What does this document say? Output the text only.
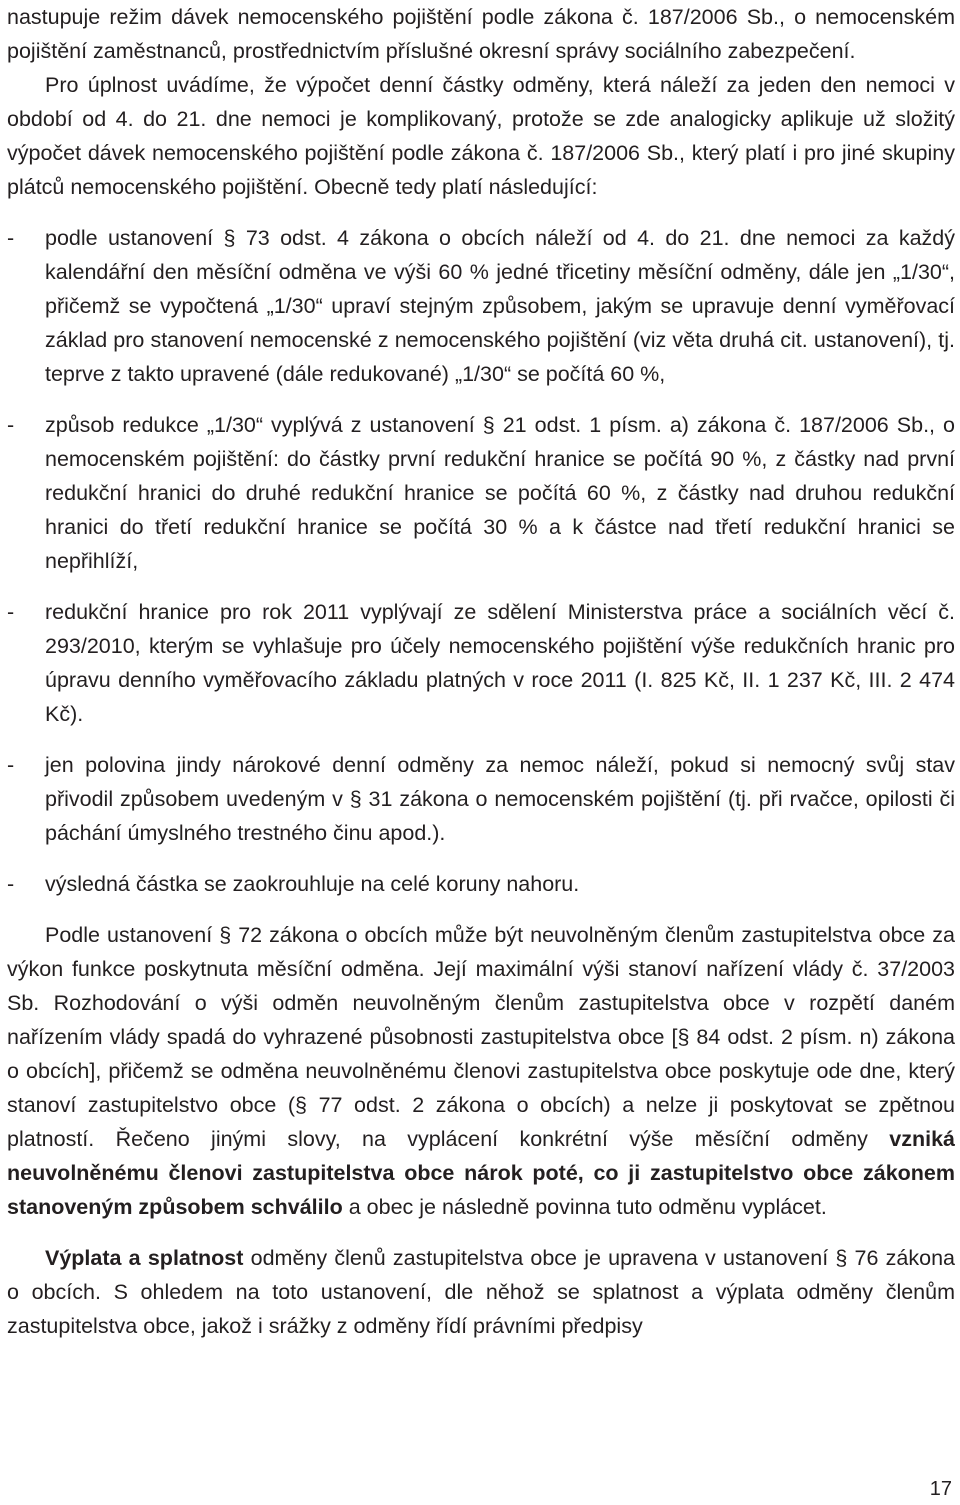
nastupuje režim dávek nemocenského pojištění podle zákona č. 187/2006 Sb., o nemocenském pojištění zaměstnanců, prostřednictvím příslušné okresní správy sociálního zabezpečení.

Pro úplnost uvádíme, že výpočet denní částky odměny, která náleží za jeden den nemoci v období od 4. do 21. dne nemoci je komplikovaný, protože se zde analogicky aplikuje už složitý výpočet dávek nemocenského pojištění podle zákona č. 187/2006 Sb., který platí i pro jiné skupiny plátců nemocenského pojištění. Obecně tedy platí následující:

-	podle ustanovení § 73 odst. 4 zákona o obcích náleží od 4. do 21. dne nemoci za každý kalendářní den měsíční odměna ve výši 60 % jedné třicetiny měsíční odměny, dále jen „1/30“, přičemž se vypočtená „1/30“ upraví stejným způsobem, jakým se upravuje denní vyměřovací základ pro stanovení nemocenské z nemocenského pojištění (viz věta druhá cit. ustanovení), tj. teprve z takto upravené (dále redukované) „1/30“ se počítá 60 %,
-	způsob redukce „1/30“ vyplývá z ustanovení § 21 odst. 1 písm. a) zákona č. 187/2006 Sb., o nemocenském pojištění: do částky první redukční hranice se počítá 90 %, z částky nad první redukční hranici do druhé redukční hranice se počítá 60 %, z částky nad druhou redukční hranici do třetí redukční hranice se počítá 30 % a k částce nad třetí redukční hranici se nepřihlíží,
-	redukční hranice pro rok 2011 vyplývají ze sdělení Ministerstva práce a sociálních věcí č. 293/2010, kterým se vyhlašuje pro účely nemocenského pojištění výše redukčních hranic pro úpravu denního vyměřovacího základu platných v roce 2011 (I. 825 Kč, II. 1 237 Kč, III. 2 474 Kč).
-	jen polovina jindy nárokové denní odměny za nemoc náleží, pokud si nemocný svůj stav přivodil způsobem uvedeným v § 31 zákona o nemocenském pojištění (tj. při rvačce, opilosti či páchání úmyslného trestného činu apod.).
-	výsledná částka se zaokrouhluje na celé koruny nahoru.

Podle ustanovení § 72 zákona o obcích může být neuvolněným členům zastupitelstva obce za výkon funkce poskytnuta měsíční odměna. Její maximální výši stanoví nařízení vlády č. 37/2003 Sb. Rozhodování o výši odměn neuvolněným členům zastupitelstva obce v rozpětí daném nařízením vlády spadá do vyhrazené působnosti zastupitelstva obce [§ 84 odst. 2 písm. n) zákona o obcích], přičemž se odměna neuvolněnému členovi zastupitelstva obce poskytuje ode dne, který stanoví zastupitelstvo obce (§ 77 odst. 2 zákona o obcích) a nelze ji poskytovat se zpětnou platností. Řečeno jinými slovy, na vyplácení konkrétní výše měsíční odměny vzniká neuvolněnému členovi zastupitelstva obce nárok poté, co ji zastupitelstvo obce zákonem stanoveným způsobem schválilo a obec je následně povinna tuto odměnu vyplácet.

Výplata a splatnost odměny členů zastupitelstva obce je upravena v ustanovení § 76 zákona o obcích. S ohledem na toto ustanovení, dle něhož se splatnost a výplata odměny členům zastupitelstva obce, jakož i srážky z odměny řídí právními předpisy

17
